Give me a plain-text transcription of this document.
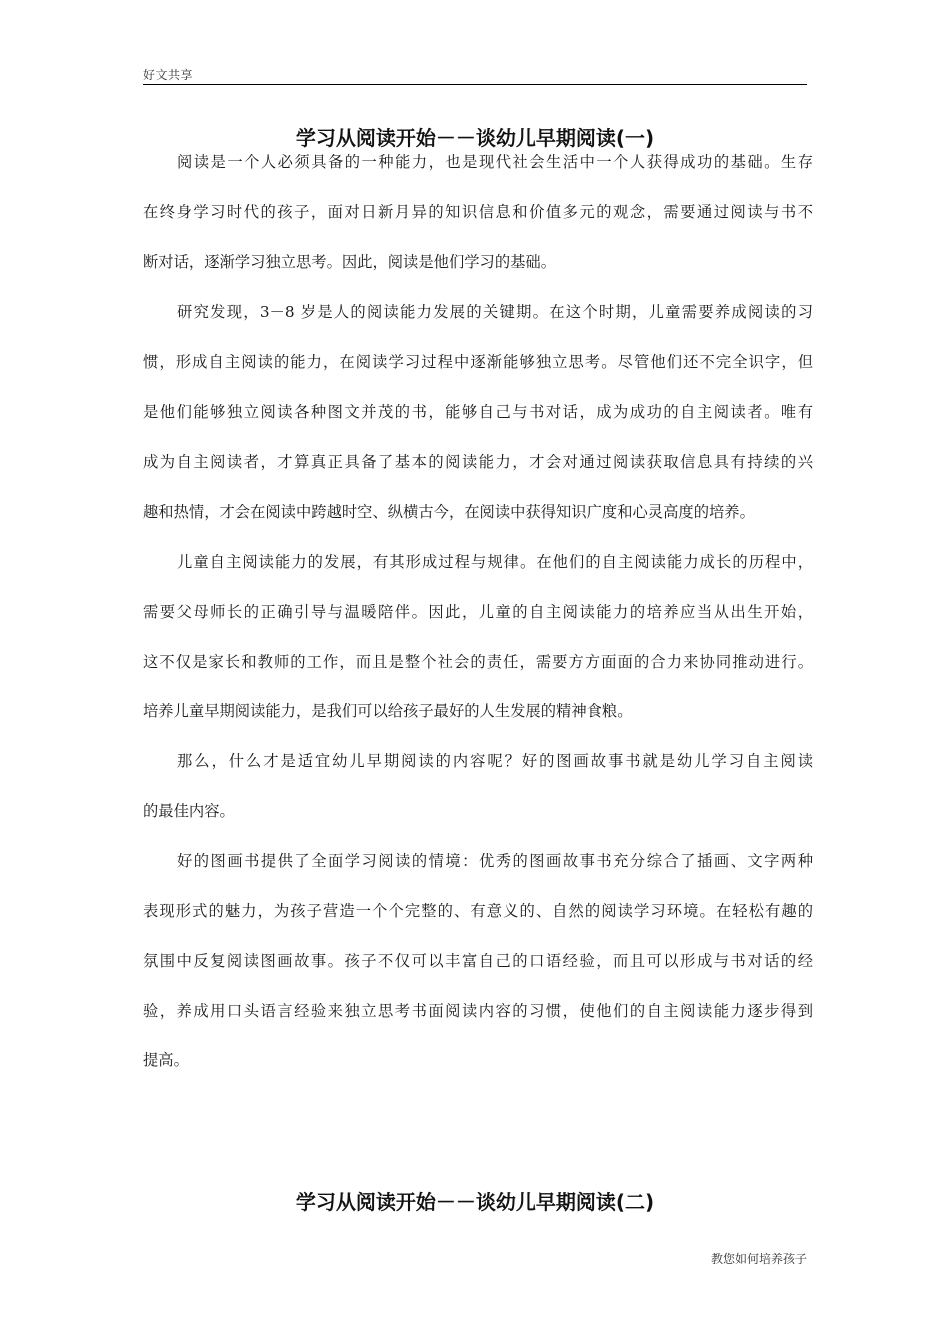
好文共享
学习从阅读开始－－谈幼儿早期阅读(一)
阅读是一个人必须具备的一种能力，也是现代社会生活中一个人获得成功的基础。生存
在终身学习时代的孩子，面对日新月异的知识信息和价值多元的观念，需要通过阅读与书不
断对话，逐渐学习独立思考。因此，阅读是他们学习的基础。
研究发现，3－8 岁是人的阅读能力发展的关键期。在这个时期，儿童需要养成阅读的习
惯，形成自主阅读的能力，在阅读学习过程中逐渐能够独立思考。尽管他们还不完全识字，但
是他们能够独立阅读各种图文并茂的书，能够自己与书对话，成为成功的自主阅读者。唯有
成为自主阅读者，才算真正具备了基本的阅读能力，才会对通过阅读获取信息具有持续的兴
趣和热情，才会在阅读中跨越时空、纵横古今，在阅读中获得知识广度和心灵高度的培养。
儿童自主阅读能力的发展，有其形成过程与规律。在他们的自主阅读能力成长的历程中，
需要父母师长的正确引导与温暖陪伴。因此，儿童的自主阅读能力的培养应当从出生开始，
这不仅是家长和教师的工作，而且是整个社会的责任，需要方方面面的合力来协同推动进行。
培养儿童早期阅读能力，是我们可以给孩子最好的人生发展的精神食粮。
那么，什么才是适宜幼儿早期阅读的内容呢？好的图画故事书就是幼儿学习自主阅读
的最佳内容。
好的图画书提供了全面学习阅读的情境：优秀的图画故事书充分综合了插画、文字两种
表现形式的魅力，为孩子营造一个个完整的、有意义的、自然的阅读学习环境。在轻松有趣的
氛围中反复阅读图画故事。孩子不仅可以丰富自己的口语经验，而且可以形成与书对话的经
验，养成用口头语言经验来独立思考书面阅读内容的习惯，使他们的自主阅读能力逐步得到
提高。
学习从阅读开始－－谈幼儿早期阅读(二)
教您如何培养孩子
